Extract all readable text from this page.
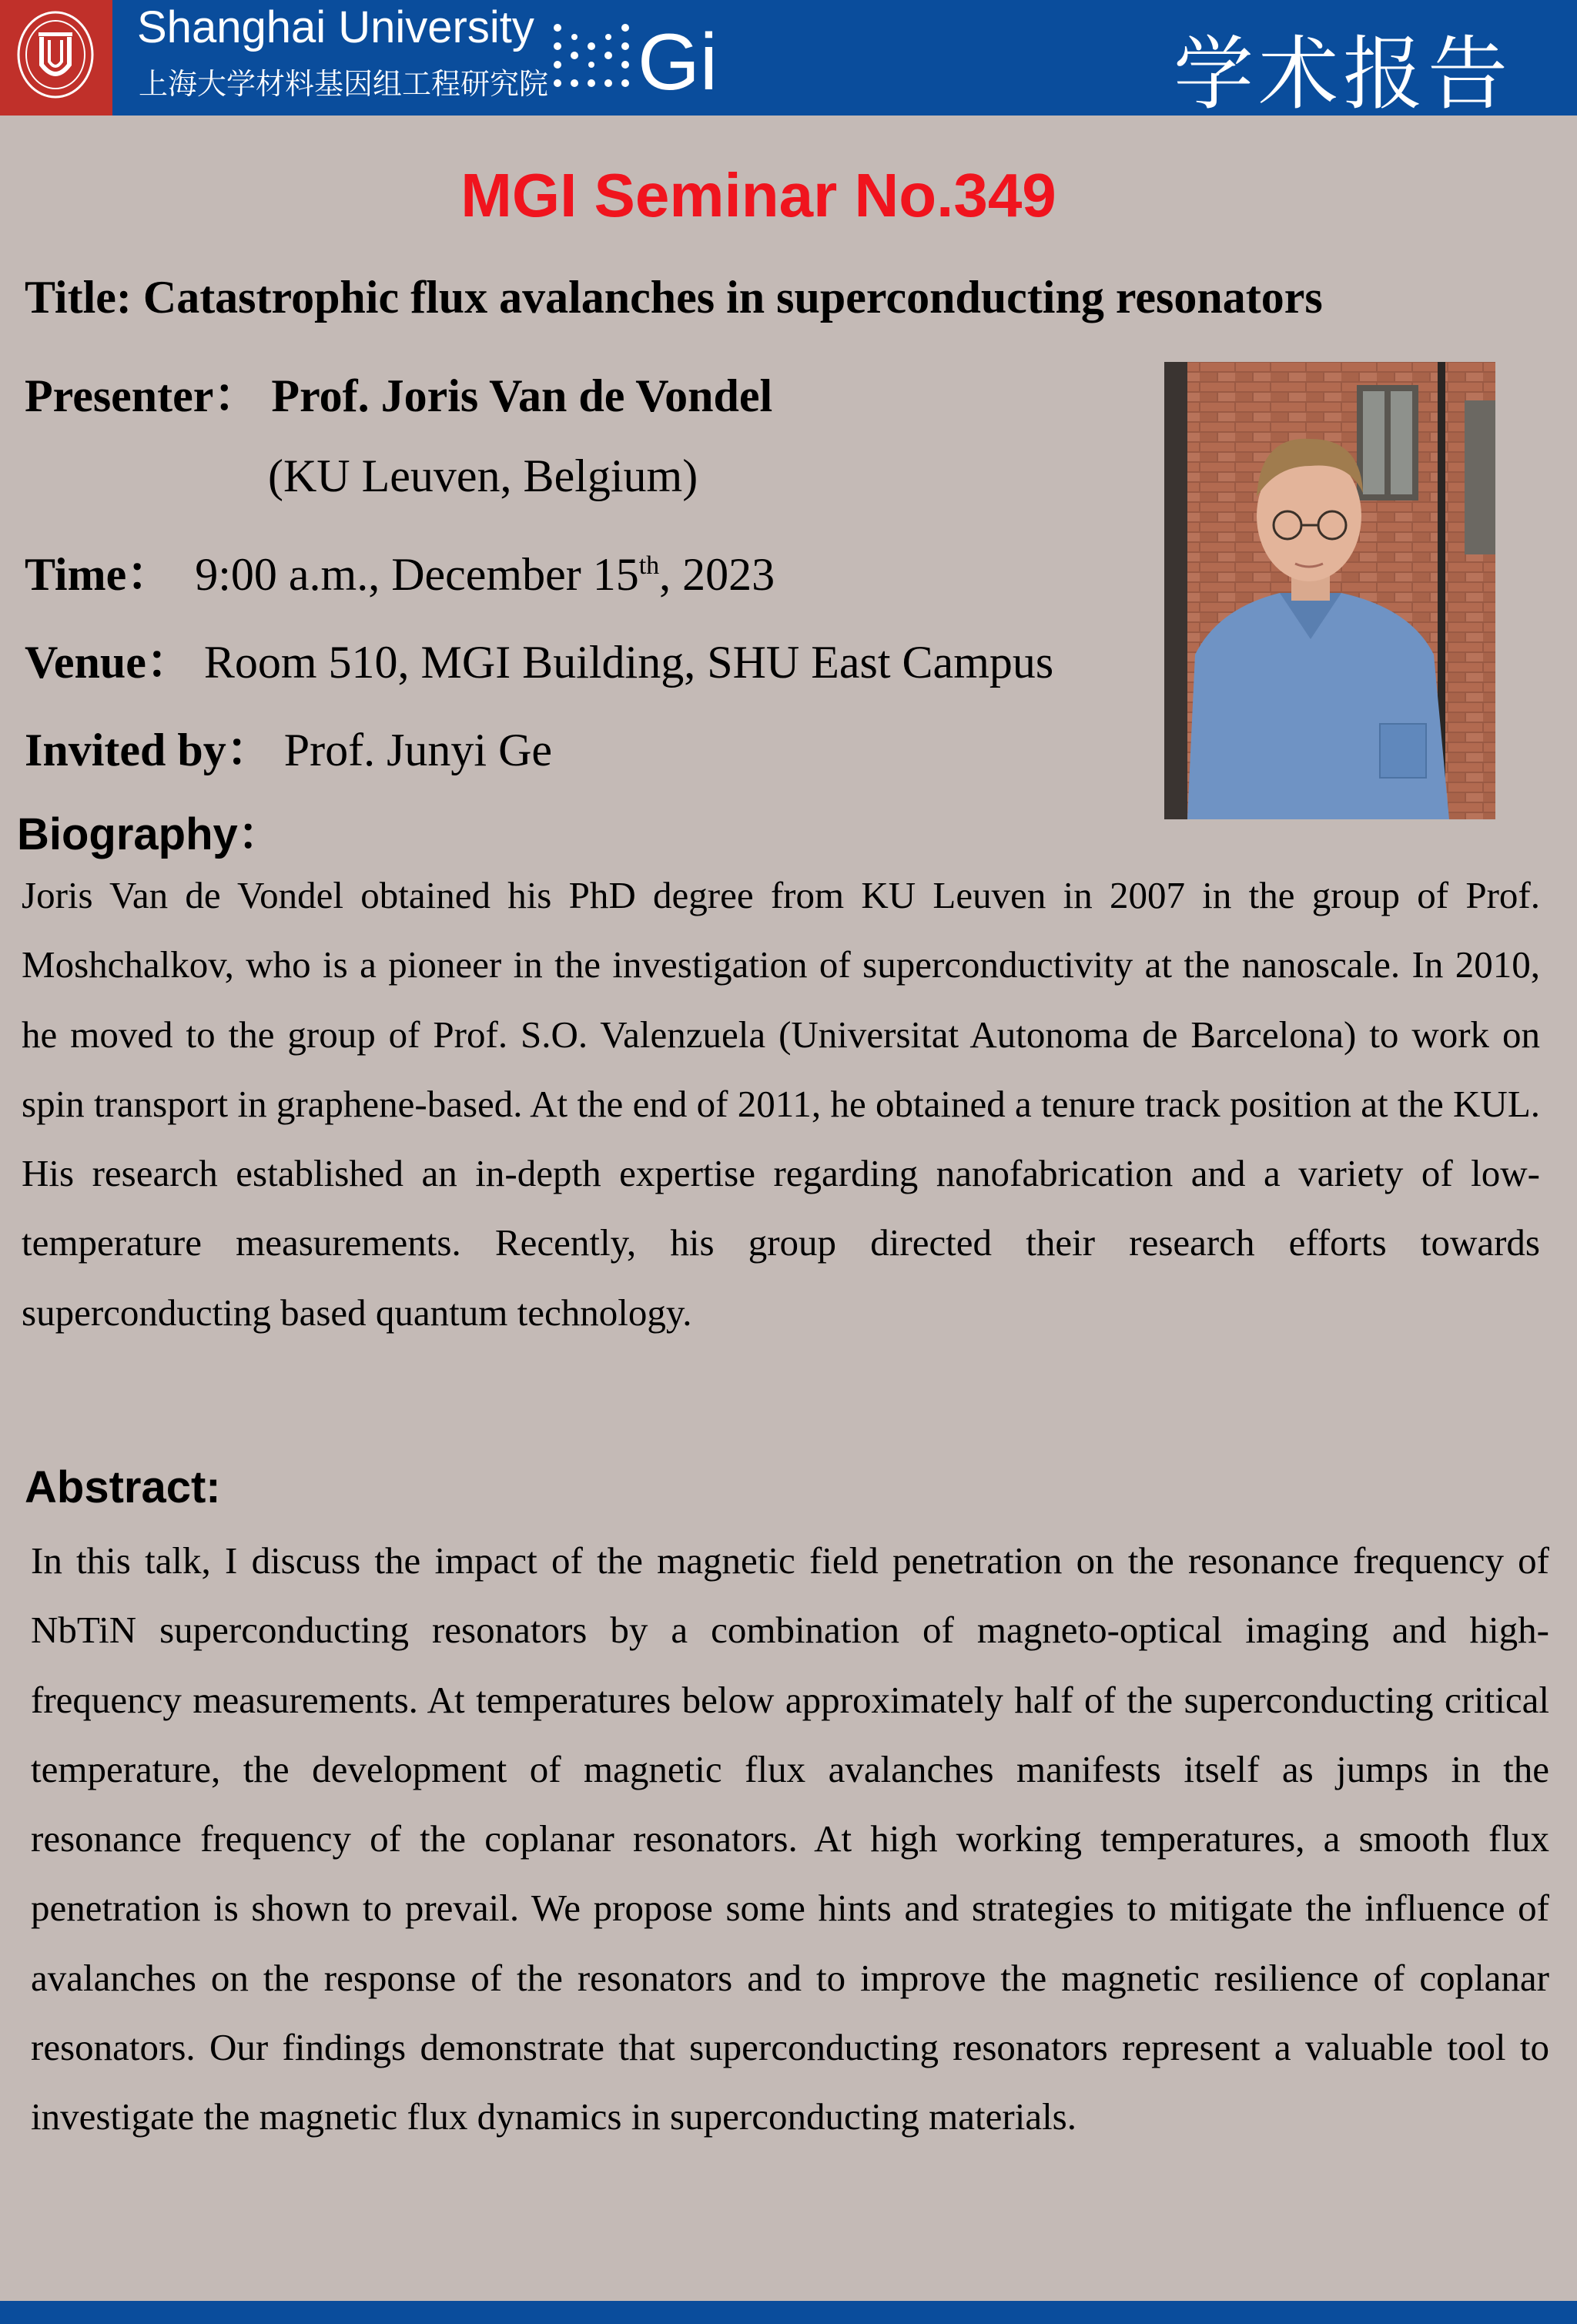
Shanghai University
上海大学材料基因组工程研究院 Gi	学术报告
MGI Seminar No.349
Title: Catastrophic flux avalanches in superconducting resonators
Presenter： Prof. Joris Van de Vondel
(KU Leuven, Belgium)
Time： 9:00 a.m., December 15th, 2023
Venue： Room 510, MGI Building, SHU East Campus
Invited by： Prof. Junyi Ge
Biography：
Joris Van de Vondel obtained his PhD degree from KU Leuven in 2007 in the group of Prof. Moshchalkov, who is a pioneer in the investigation of superconductivity at the nanoscale. In 2010, he moved to the group of Prof. S.O. Valenzuela (Universitat Autonoma de Barcelona) to work on spin transport in graphene-based. At the end of 2011, he obtained a tenure track position at the KUL. His research established an in-depth expertise regarding nanofabrication and a variety of low-temperature measurements. Recently, his group directed their research efforts towards superconducting based quantum technology.
Abstract:
In this talk, I discuss the impact of the magnetic field penetration on the resonance frequency of NbTiN superconducting resonators by a combination of magneto-optical imaging and high-frequency measurements. At temperatures below approximately half of the superconducting critical temperature, the development of magnetic flux avalanches manifests itself as jumps in the resonance frequency of the coplanar resonators. At high working temperatures, a smooth flux penetration is shown to prevail. We propose some hints and strategies to mitigate the influence of avalanches on the response of the resonators and to improve the magnetic resilience of coplanar resonators. Our findings demonstrate that superconducting resonators represent a valuable tool to investigate the magnetic flux dynamics in superconducting materials.
